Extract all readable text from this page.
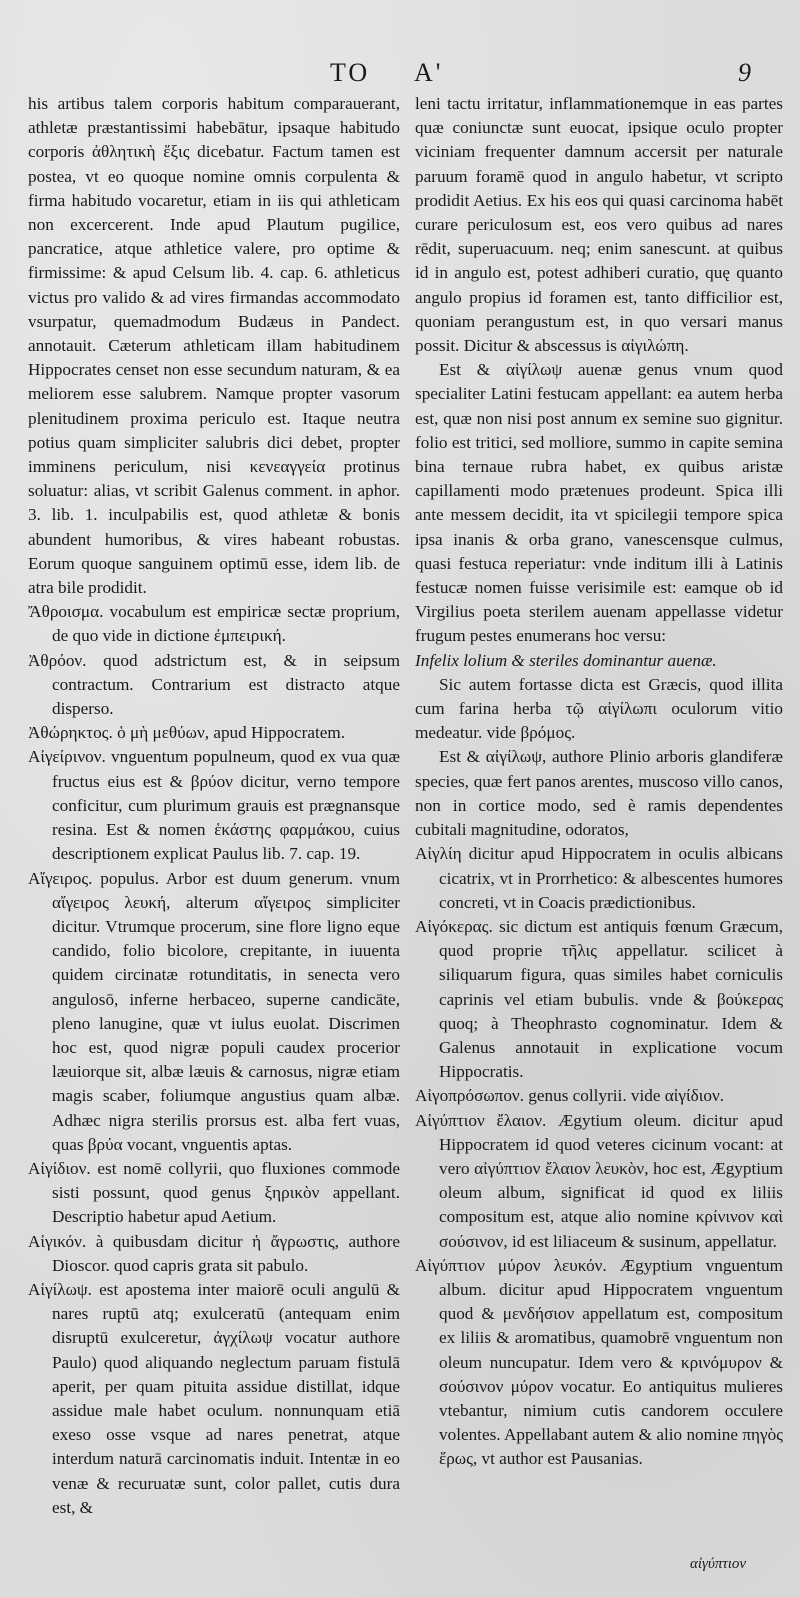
TO A'	9

his artibus talem corporis habitum comparauerant, athletæ præstantissimi habebātur, ipsaque habitudo corporis ἀθλητικὴ ἕξις dicebatur. Factum tamen est postea, vt eo quoque nomine omnis corpulenta & firma habitudo vocaretur, etiam in iis qui athleticam non excercerent. Inde apud Plautum pugilice, pancratice, atque athletice valere, pro optime & firmissime: & apud Celsum lib. 4. cap. 6. athleticus victus pro valido & ad vires firmandas accommodato vsurpatur, quemadmodum Budæus in Pandect. annotauit. Cæterum athleticam illam habitudinem Hippocrates censet non esse secundum naturam, & ea meliorem esse salubrem. Namque propter vasorum plenitudinem proxima periculo est. Itaque neutra potius quam simpliciter salubris dici debet, propter imminens periculum, nisi κενεαγγεία protinus soluatur: alias, vt scribit Galenus comment. in aphor. 3. lib. 1. inculpabilis est, quod athletæ & bonis abundent humoribus, & vires habeant robustas. Eorum quoque sanguinem optimū esse, idem lib. de atra bile prodidit.

Ἄθροισμα. vocabulum est empiricæ sectæ proprium, de quo vide in dictione ἐμπειρική.

Ἀθρόον. quod adstrictum est, & in seipsum contractum. Contrarium est distracto atque disperso.

Ἀθώρηκτος. ὁ μὴ μεθύων, apud Hippocratem.

Αἰγείρινον. vnguentum populneum, quod ex vua quæ fructus eius est & βρύον dicitur, verno tempore conficitur, cum plurimum grauis est prægnansque resina. Est & nomen ἑκάστης φαρμάκου, cuius descriptionem explicat Paulus lib. 7. cap. 19.

Αἴγειρος. populus. Arbor est duum generum. vnum αἴγειρος λευκή, alterum αἴγειρος simpliciter dicitur. Vtrumque procerum, sine flore ligno eque candido, folio bicolore, crepitante, in iuuenta quidem circinatæ rotunditatis, in senecta vero angulosō, inferne herbaceo, superne candicāte, pleno lanugine, quæ vt iulus euolat. Discrimen hoc est, quod nigræ populi caudex procerior læuiorque sit, albæ læuis & carnosus, nigræ etiam magis scaber, foliumque angustius quam albæ. Adhæc nigra sterilis prorsus est. alba fert vuas, quas βρύα vocant, vnguentis aptas.

Αἰγίδιον. est nomē collyrii, quo fluxiones commode sisti possunt, quod genus ξηρικὸν appellant. Descriptio habetur apud Aetium.

Αἰγικόν. à quibusdam dicitur ἡ ἄγρωστις, authore Dioscor. quod capris grata sit pabulo.

Αἰγίλωψ. est apostema inter maiorē oculi angulū & nares ruptū atq; exulceratū (antequam enim disruptū exulceretur, ἀγχίλωψ vocatur authore Paulo) quod aliquando neglectum paruam fistulā aperit, per quam pituita assidue distillat, idque assidue male habet oculum. nonnunquam etiā exeso osse vsque ad nares penetrat, atque interdum naturā carcinomatis induit. Intentæ in eo venæ & recuruatæ sunt, color pallet, cutis dura est, &

leni tactu irritatur, inflammationemque in eas partes quæ coniunctæ sunt euocat, ipsique oculo propter viciniam frequenter damnum accersit per naturale paruum foramē quod in angulo habetur, vt scripto prodidit Aetius. Ex his eos qui quasi carcinoma habēt curare periculosum est, eos vero quibus ad nares rēdit, superuacuum. neq; enim sanescunt. at quibus id in angulo est, potest adhiberi curatio, quę quanto angulo propius id foramen est, tanto difficilior est, quoniam perangustum est, in quo versari manus possit. Dicitur & abscessus is αἰγιλώπη.

Est & αἰγίλωψ auenæ genus vnum quod specialiter Latini festucam appellant: ea autem herba est, quæ non nisi post annum ex semine suo gignitur. folio est tritici, sed molliore, summo in capite semina bina ternaue rubra habet, ex quibus aristæ capillamenti modo prætenues prodeunt. Spica illi ante messem decidit, ita vt spicilegii tempore spica ipsa inanis & orba grano, vanescensque culmus, quasi festuca reperiatur: vnde inditum illi à Latinis festucæ nomen fuisse verisimile est: eamque ob id Virgilius poeta sterilem auenam appellasse videtur frugum pestes enumerans hoc versu:

Infelix lolium & steriles dominantur auenæ.

Sic autem fortasse dicta est Græcis, quod illita cum farina herba τῷ αἰγίλωπι oculorum vitio medeatur. vide βρόμος.

Est & αἰγίλωψ, authore Plinio arboris glandiferæ species, quæ fert panos arentes, muscoso villo canos, non in cortice modo, sed è ramis dependentes cubitali magnitudine, odoratos,

Αἰγλίη dicitur apud Hippocratem in oculis albicans cicatrix, vt in Prorrhetico: & albescentes humores concreti, vt in Coacis prædictionibus.

Αἰγόκερας. sic dictum est antiquis fœnum Græcum, quod proprie τῆλις appellatur. scilicet à siliquarum figura, quas similes habet corniculis caprinis vel etiam bubulis. vnde & βούκερας quoq; à Theophrasto cognominatur. Idem & Galenus annotauit in explicatione vocum Hippocratis.

Αἰγοπρόσωπον. genus collyrii. vide αἰγίδιον.

Αἰγύπτιον ἔλαιον. Ægytium oleum. dicitur apud Hippocratem id quod veteres cicinum vocant: at vero αἰγύπτιον ἔλαιον λευκὸν, hoc est, Ægyptium oleum album, significat id quod ex liliis compositum est, atque alio nomine κρίνινον καὶ σούσινον, id est liliaceum & susinum, appellatur.

Αἰγύπτιον μύρον λευκόν. Ægyptium vnguentum album. dicitur apud Hippocratem vnguentum quod & μενδήσιον appellatum est, compositum ex liliis & aromatibus, quamobrē vnguentum non oleum nuncupatur. Idem vero & κρινόμυρον & σούσινον μύρον vocatur. Eo antiquitus mulieres vtebantur, nimium cutis candorem occulere volentes. Appellabant autem & alio nomine πηγὸς ἕρως, vt author est Pausanias.

αἰγύπτιον
